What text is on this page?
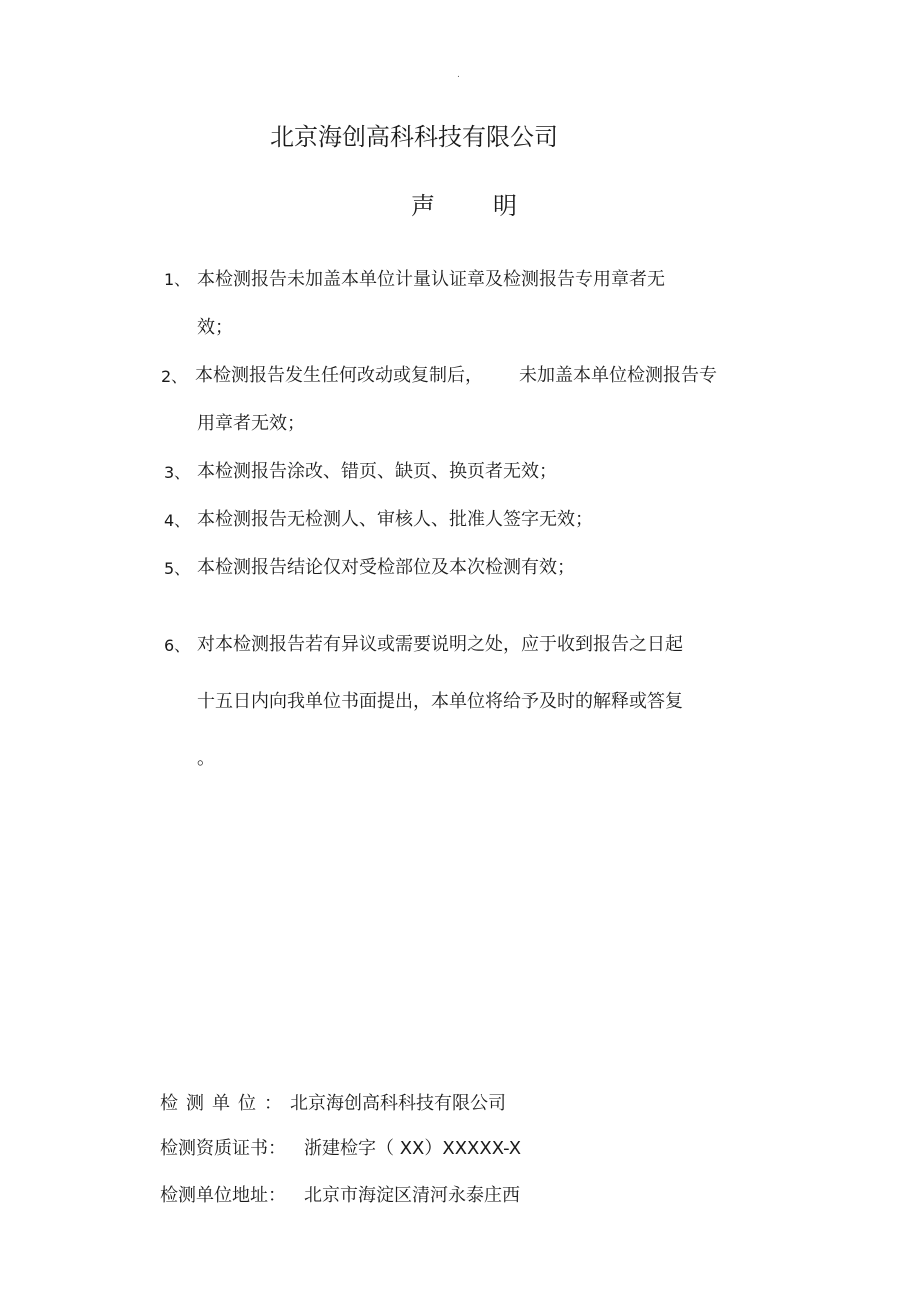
.
北京海创高科科技有限公司
声 明
1、 本检测报告未加盖本单位计量认证章及检测报告专用章者无
效；
2、 本检测报告发生任何改动或复制后， 未加盖本单位检测报告专
用章者无效；
3、 本检测报告涂改、错页、缺页、换页者无效；
4、 本检测报告无检测人、审核人、批准人签字无效；
5、 本检测报告结论仅对受检部位及本次检测有效；
6、 对本检测报告若有异议或需要说明之处，应于收到报告之日起
十五日内向我单位书面提出，本单位将给予及时的解释或答复
。
检测单位：北京海创高科科技有限公司
检测资质证书： 浙建检字（ XX）XXXXX-X
检测单位地址： 北京市海淀区清河永泰庄西
